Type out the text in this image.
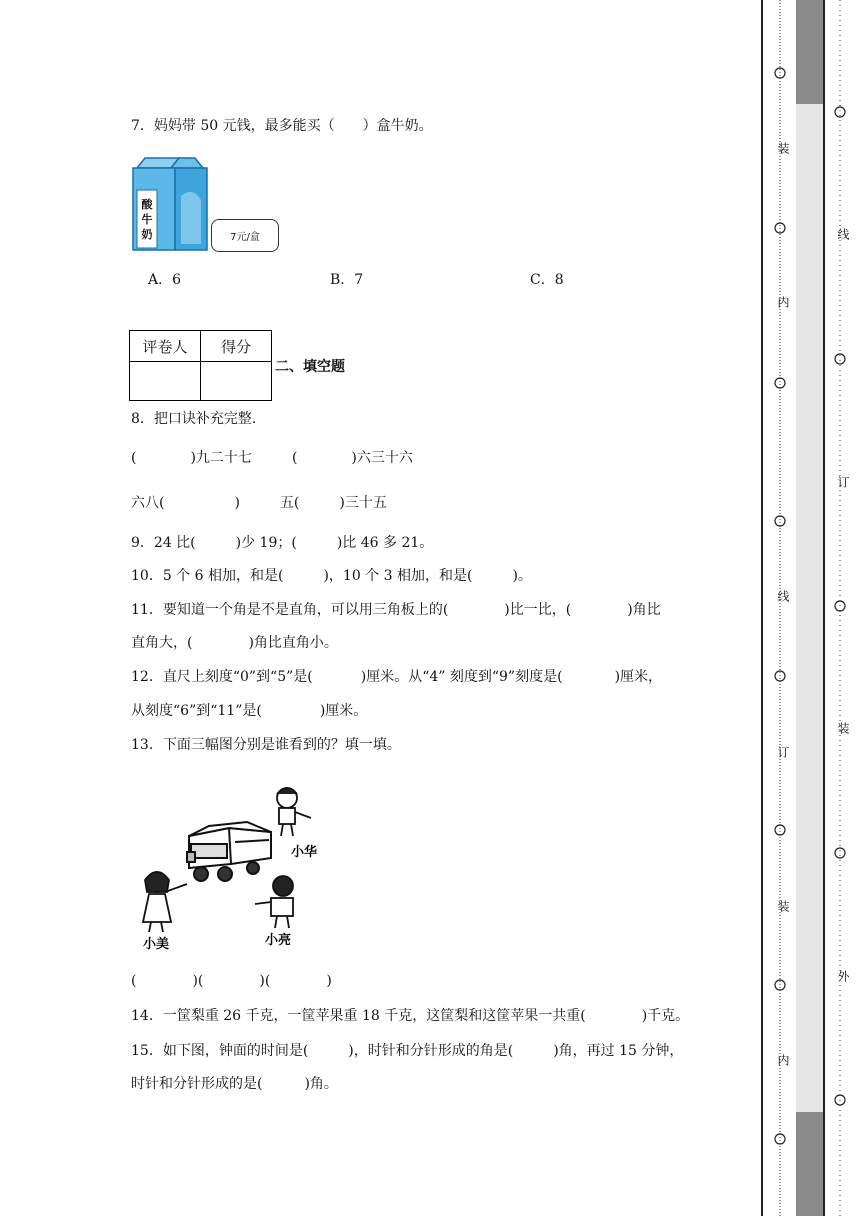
7．妈妈带 50 元钱，最多能买（　　）盒牛奶。
酸
牛
奶	7元/盒
A．6	B．7	C．8
评卷人	得分

二、填空题
8．把口诀补充完整.
(	)九二十七	(	)六三十六
六八(	)	五(	)三十五
9．24 比(	)少 19；(	)比 46 多 21。
10．5 个 6 相加，和是(	)，10 个 3 相加，和是(	)。
11．要知道一个角是不是直角，可以用三角板上的(	)比一比，(	)角比
直角大，(	)角比直角小。
12．直尺上刻度“0”到“5”是(	)厘米。从“4” 刻度到“9”刻度是(	)厘米，
从刻度“6”到“11”是(	)厘米。
13．下面三幅图分别是谁看到的？填一填。
小华
小美	小亮
(	)(	)(	)
14．一筐梨重 26 千克，一筐苹果重 18 千克，这筐梨和这筐苹果一共重(	)千克。
15．如下图，钟面的时间是(	)，时针和分针形成的角是(	)角，再过 15 分钟，
时针和分针形成的是(	)角。
装
内
线
订
装
内
线
订
装
外
